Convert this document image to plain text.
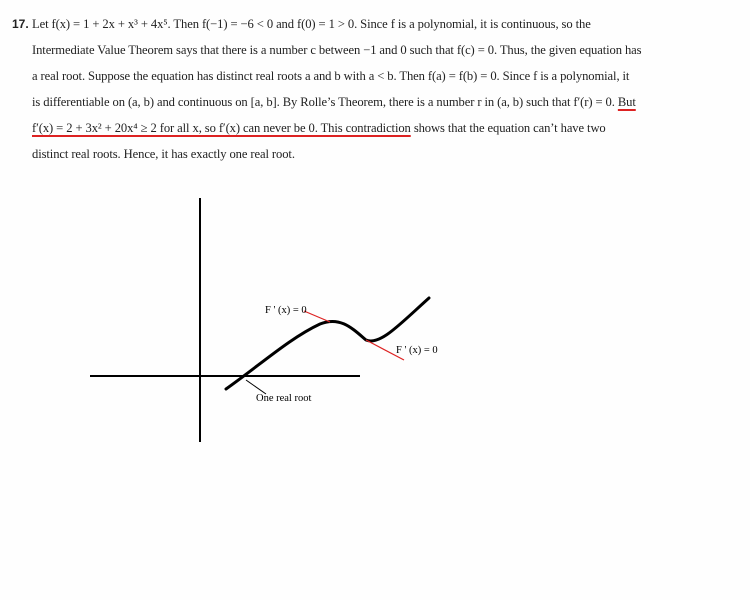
17. Let f(x) = 1 + 2x + x³ + 4x⁵. Then f(−1) = −6 < 0 and f(0) = 1 > 0. Since f is a polynomial, it is continuous, so the
Intermediate Value Theorem says that there is a number c between −1 and 0 such that f(c) = 0. Thus, the given equation has
a real root. Suppose the equation has distinct real roots a and b with a < b. Then f(a) = f(b) = 0. Since f is a polynomial, it
is differentiable on (a, b) and continuous on [a, b]. By Rolle’s Theorem, there is a number r in (a, b) such that f′(r) = 0. But
f′(x) = 2 + 3x² + 20x⁴ ≥ 2 for all x, so f′(x) can never be 0. This contradiction shows that the equation can’t have two
distinct real roots. Hence, it has exactly one real root.
F ' (x) = 0
F ' (x) = 0
One real root
